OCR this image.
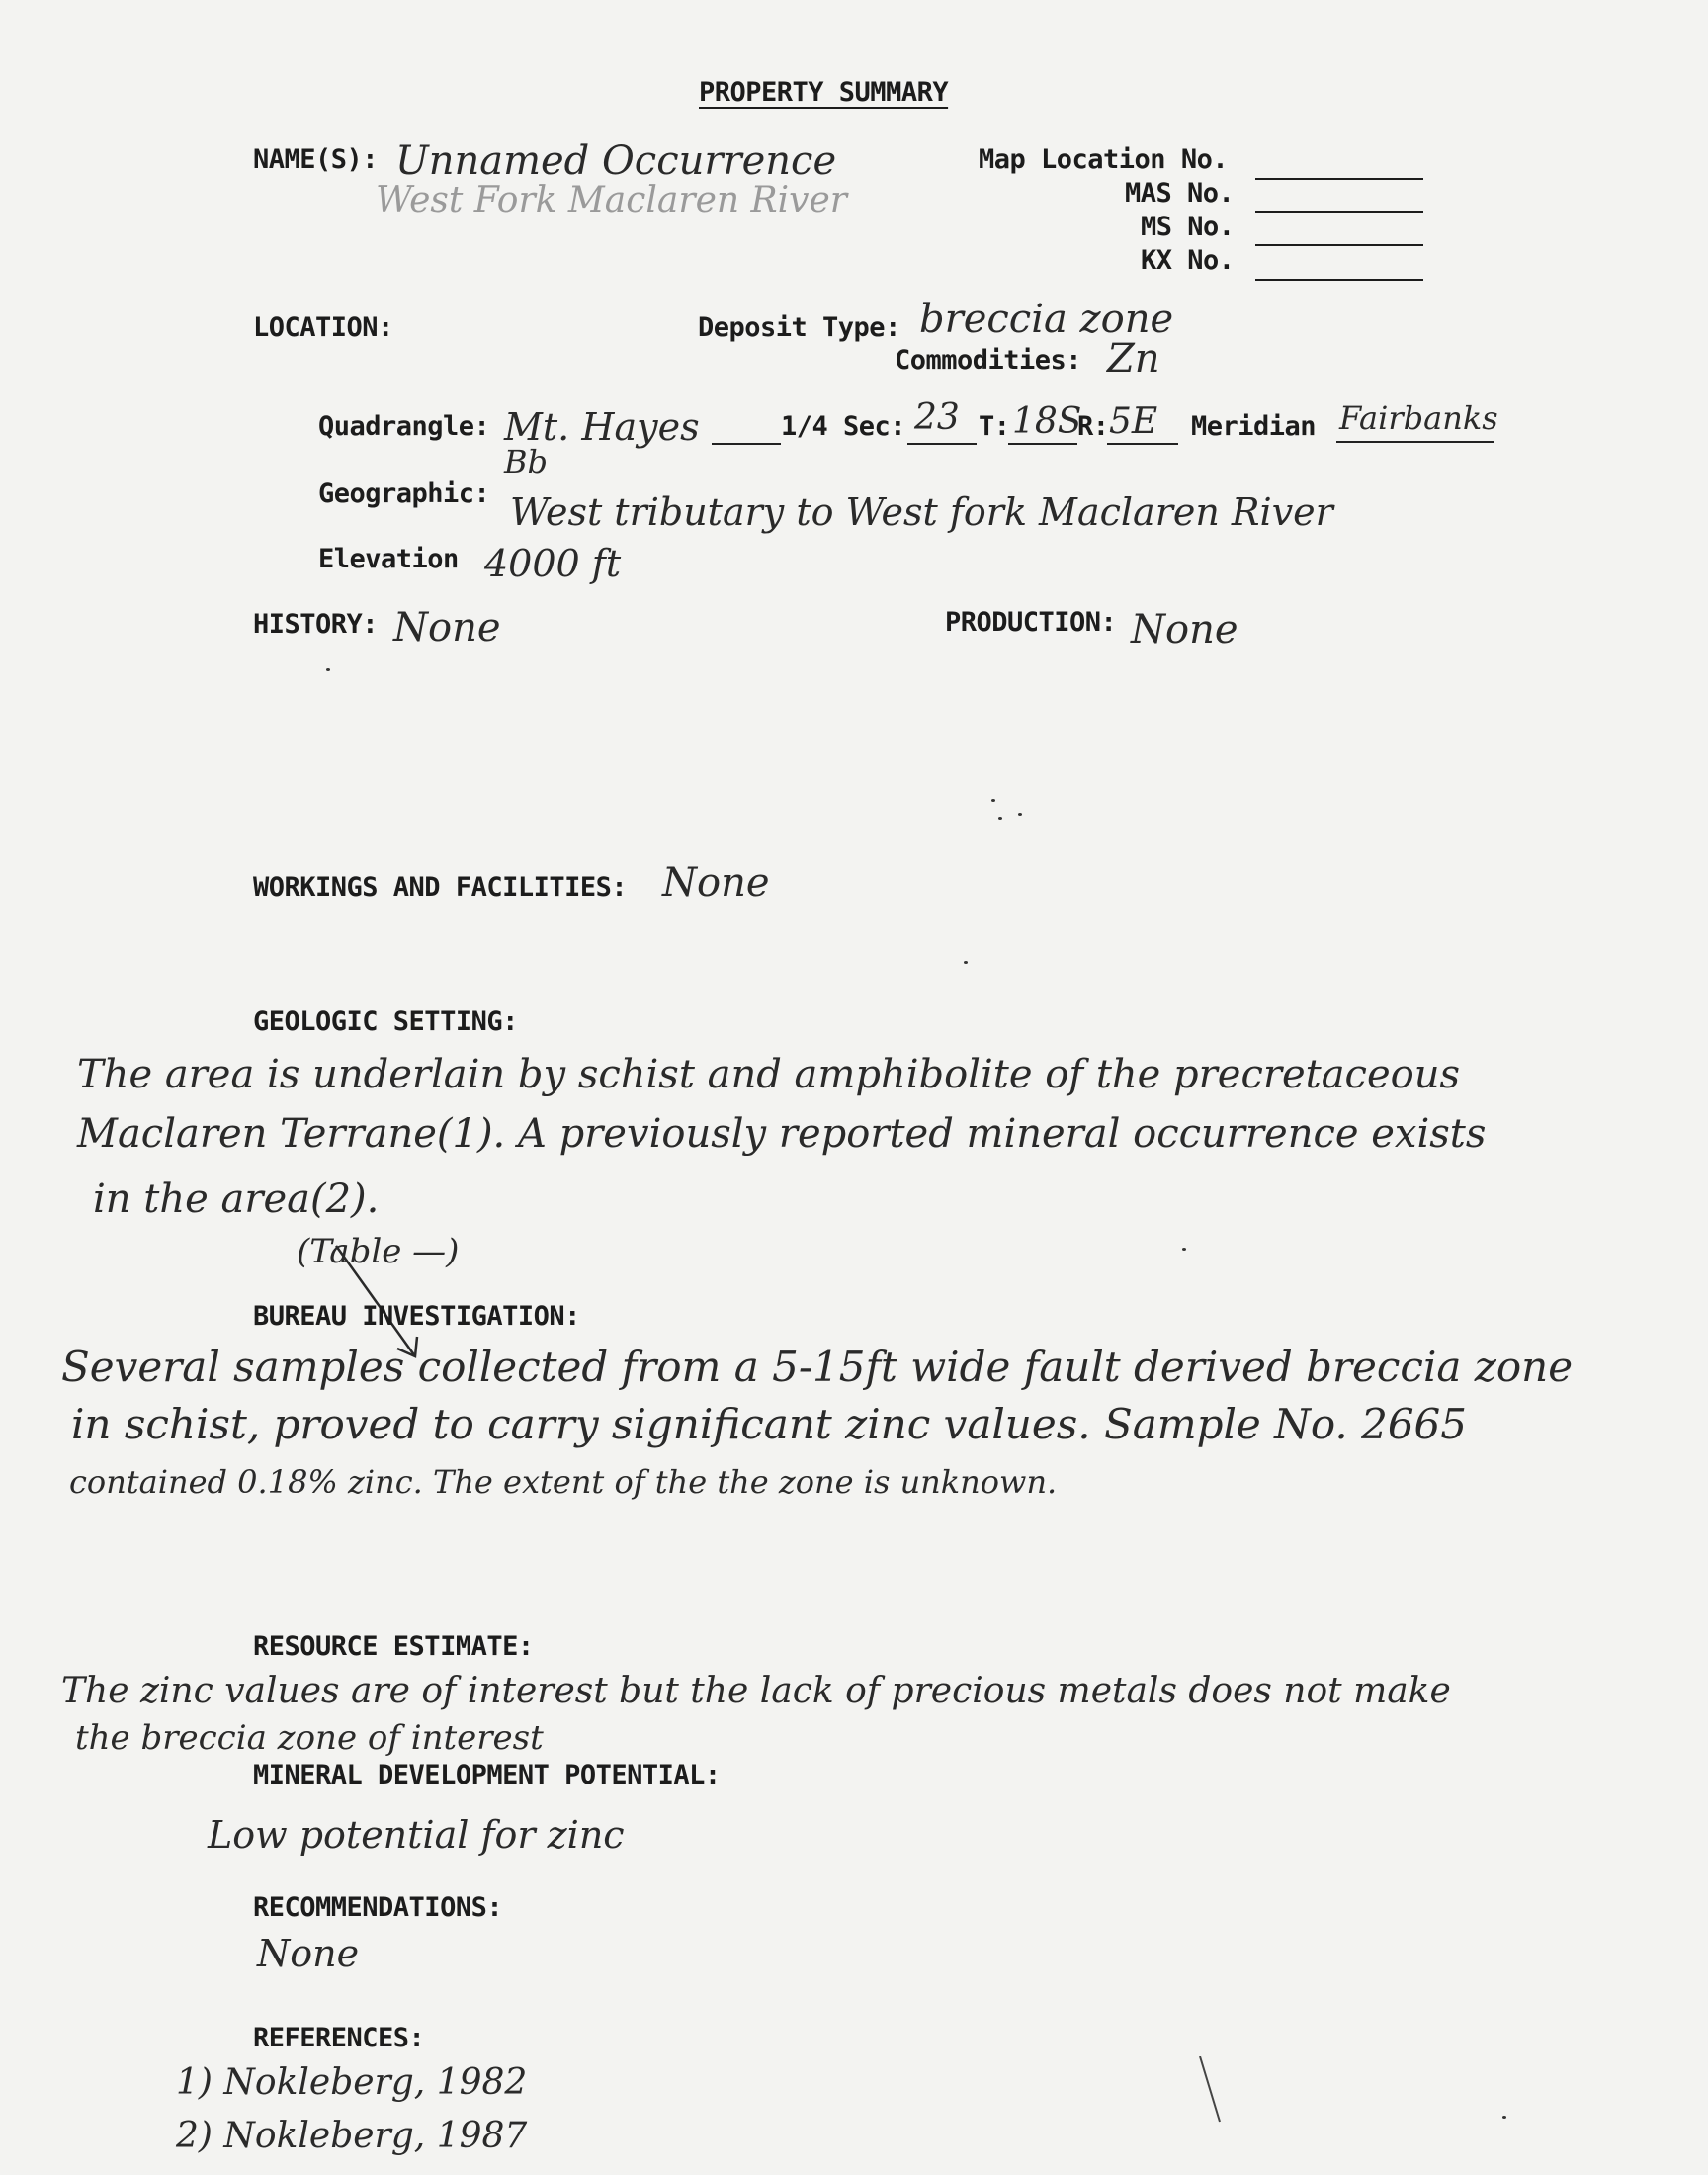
PROPERTY SUMMARY
NAME(S): Unnamed Occurrence
West Fork Maclaren River
Map Location No.
MAS No.
MS No.
KX No.
LOCATION:	Deposit Type: breccia zone
Commodities: Zn
Quadrangle: Mt. Hayes
Bb
1/4 Sec: 23 T: 18S
R: 5E Meridian Fairbanks
Geographic: West tributary to West fork Maclaren River
Elevation 4000 ft
HISTORY: None	PRODUCTION: None
WORKINGS AND FACILITIES: None
GEOLOGIC SETTING:
The area is underlain by schist and amphibolite of the precretaceous
Maclaren Terrane(1). A previously reported mineral occurrence exists
in the area(2).
(Table —)
BUREAU INVESTIGATION:
Several samples collected from a 5-15ft wide fault derived breccia zone
in schist, proved to carry significant zinc values. Sample No. 2665
contained 0.18% zinc. The extent of the the zone is unknown.
RESOURCE ESTIMATE:
The zinc values are of interest but the lack of precious metals does not make
the breccia zone of interest
MINERAL DEVELOPMENT POTENTIAL:
Low potential for zinc
RECOMMENDATIONS:
None
REFERENCES:
1) Nokleberg, 1982
2) Nokleberg, 1987
